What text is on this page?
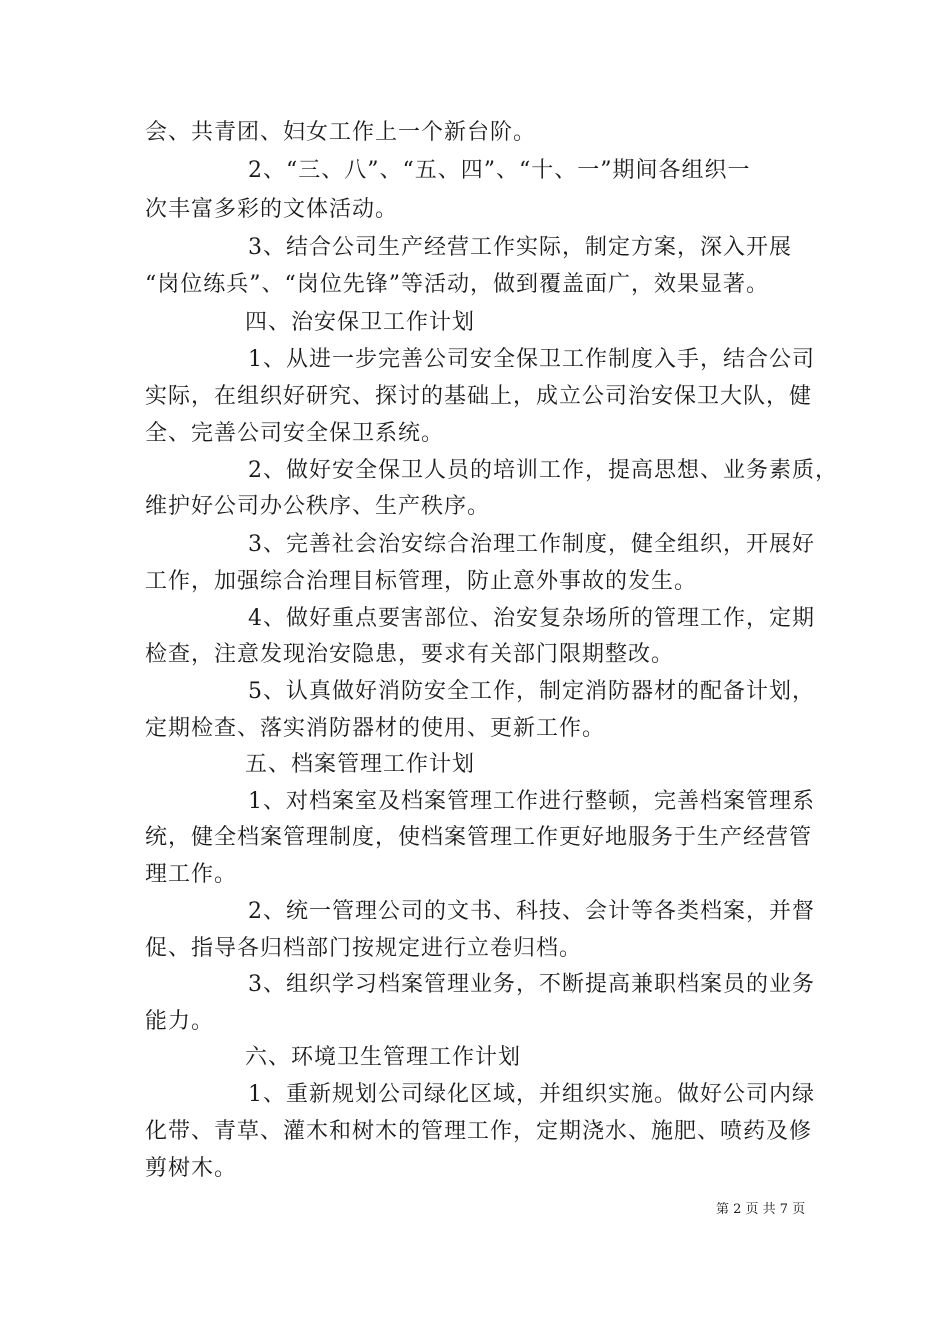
会、共青团、妇女工作上一个新台阶。
2、“三、八”、“五、四”、“十、一”期间各组织一
次丰富多彩的文体活动。
3、结合公司生产经营工作实际，制定方案，深入开展
“岗位练兵”、“岗位先锋”等活动，做到覆盖面广，效果显著。
四、治安保卫工作计划
1、从进一步完善公司安全保卫工作制度入手，结合公司
实际，在组织好研究、探讨的基础上，成立公司治安保卫大队，健
全、完善公司安全保卫系统。
2、做好安全保卫人员的培训工作，提高思想、业务素质，
维护好公司办公秩序、生产秩序。
3、完善社会治安综合治理工作制度，健全组织，开展好
工作，加强综合治理目标管理，防止意外事故的发生。
4、做好重点要害部位、治安复杂场所的管理工作，定期
检查，注意发现治安隐患，要求有关部门限期整改。
5、认真做好消防安全工作，制定消防器材的配备计划，
定期检查、落实消防器材的使用、更新工作。
五、档案管理工作计划
1、对档案室及档案管理工作进行整顿，完善档案管理系
统，健全档案管理制度，使档案管理工作更好地服务于生产经营管
理工作。
2、统一管理公司的文书、科技、会计等各类档案，并督
促、指导各归档部门按规定进行立卷归档。
3、组织学习档案管理业务，不断提高兼职档案员的业务
能力。
六、环境卫生管理工作计划
1、重新规划公司绿化区域，并组织实施。做好公司内绿
化带、青草、灌木和树木的管理工作，定期浇水、施肥、喷药及修
剪树木。
第 2 页 共 7 页
